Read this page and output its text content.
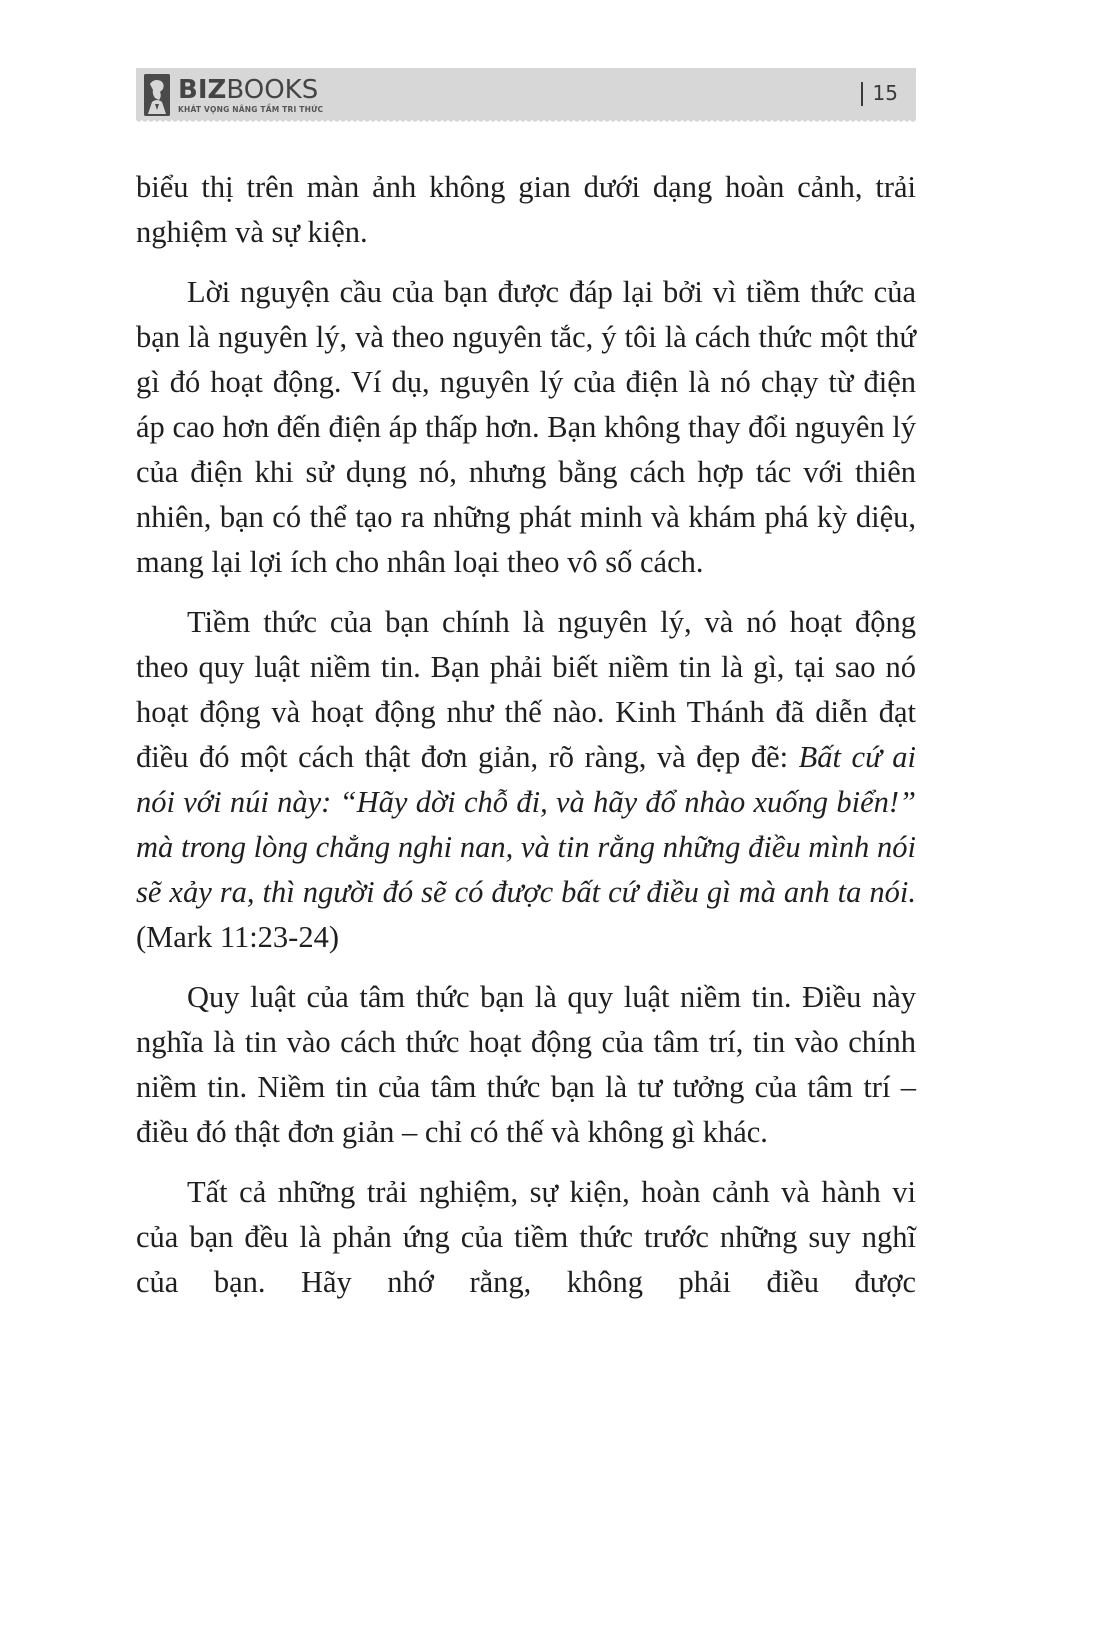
BIZBOOKS
KHÁT VỌNG NÂNG TẦM TRI THỨC
15

biểu thị trên màn ảnh không gian dưới dạng hoàn cảnh, trải nghiệm và sự kiện.

Lời nguyện cầu của bạn được đáp lại bởi vì tiềm thức của bạn là nguyên lý, và theo nguyên tắc, ý tôi là cách thức một thứ gì đó hoạt động. Ví dụ, nguyên lý của điện là nó chạy từ điện áp cao hơn đến điện áp thấp hơn. Bạn không thay đổi nguyên lý của điện khi sử dụng nó, nhưng bằng cách hợp tác với thiên nhiên, bạn có thể tạo ra những phát minh và khám phá kỳ diệu, mang lại lợi ích cho nhân loại theo vô số cách.

Tiềm thức của bạn chính là nguyên lý, và nó hoạt động theo quy luật niềm tin. Bạn phải biết niềm tin là gì, tại sao nó hoạt động và hoạt động như thế nào. Kinh Thánh đã diễn đạt điều đó một cách thật đơn giản, rõ ràng, và đẹp đẽ: Bất cứ ai nói với núi này: “Hãy dời chỗ đi, và hãy đổ nhào xuống biển!” mà trong lòng chẳng nghi nan, và tin rằng những điều mình nói sẽ xảy ra, thì người đó sẽ có được bất cứ điều gì mà anh ta nói. (Mark 11:23-24)

Quy luật của tâm thức bạn là quy luật niềm tin. Điều này nghĩa là tin vào cách thức hoạt động của tâm trí, tin vào chính niềm tin. Niềm tin của tâm thức bạn là tư tưởng của tâm trí – điều đó thật đơn giản – chỉ có thế và không gì khác.

Tất cả những trải nghiệm, sự kiện, hoàn cảnh và hành vi của bạn đều là phản ứng của tiềm thức trước những suy nghĩ của bạn. Hãy nhớ rằng, không phải điều được
